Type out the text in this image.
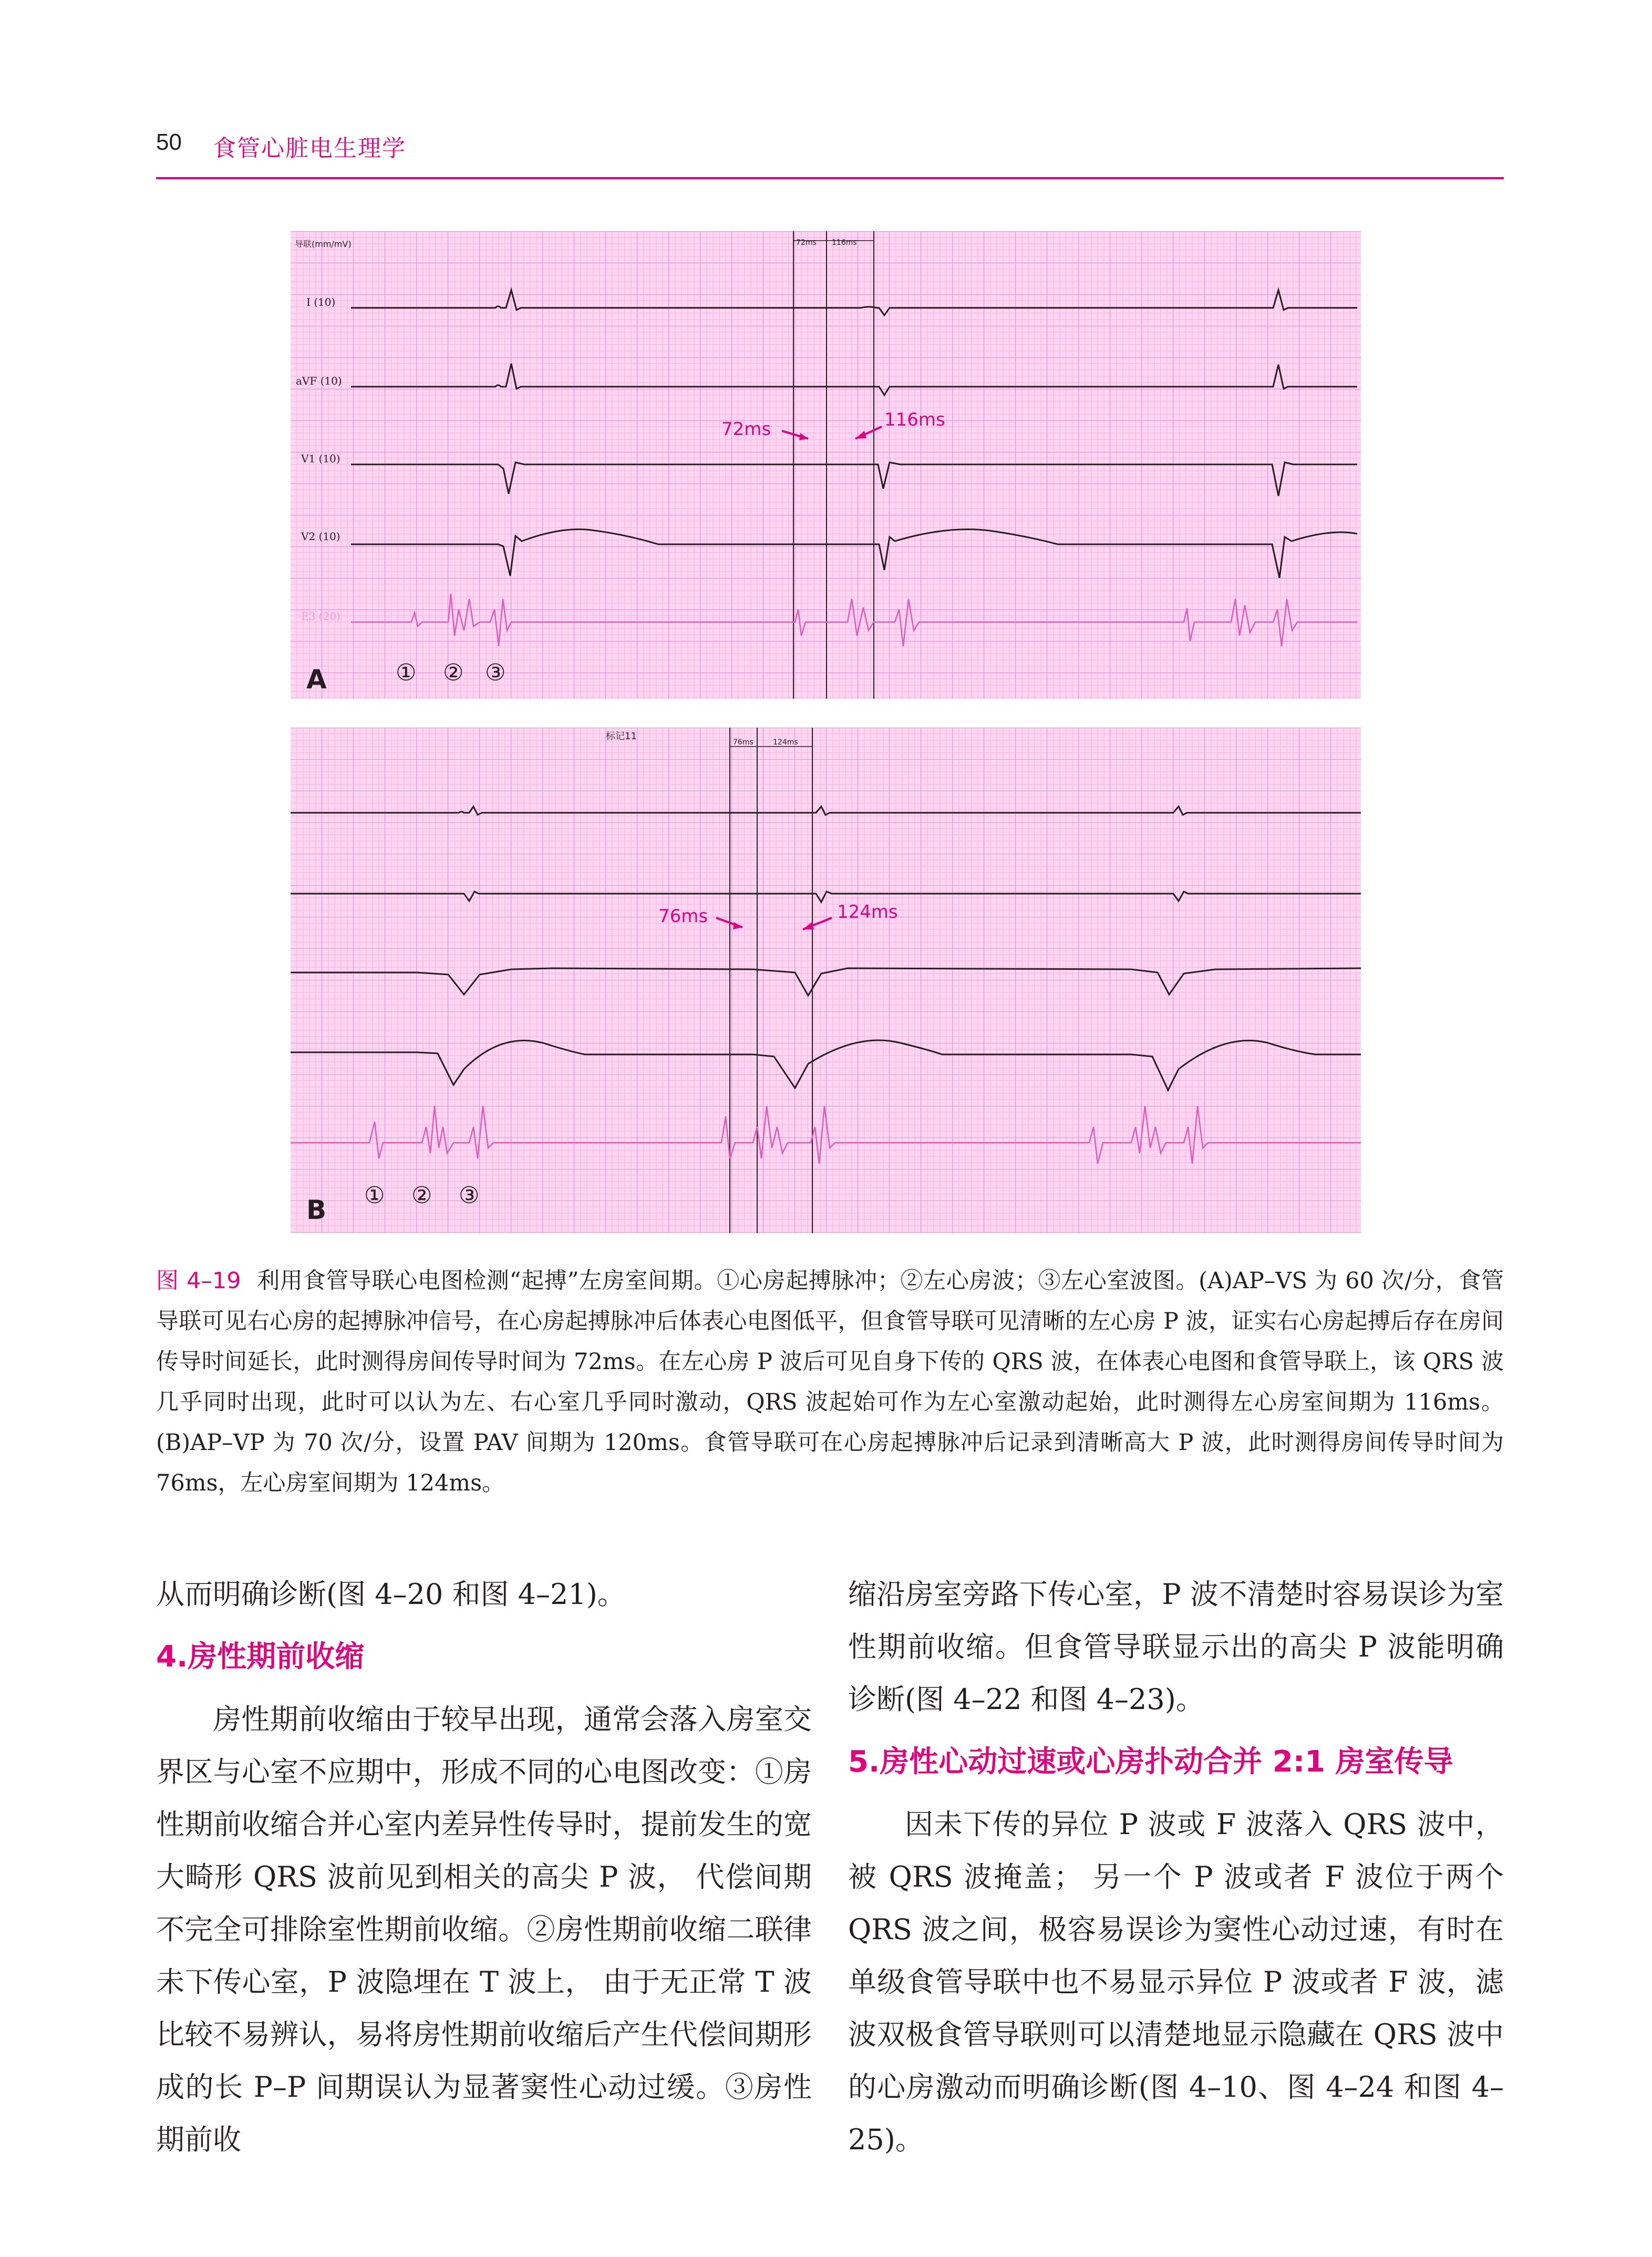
50 食管心脏电生理学
72ms 116ms
导联(mm/mV)
I (10)
aVF (10)
V1 (10)
V2 (10)
E3 (20)
72ms	116ms
A	① ② ③
标记11
76ms	124ms
76ms	124ms
B ① ② ③
图 4–19 利用食管导联心电图检测“起搏”左房室间期。①心房起搏脉冲；②左心房波；③左心室波图。(A)AP–VS 为 60 次/分，食管导联可见右心房的起搏脉冲信号，在心房起搏脉冲后体表心电图低平，但食管导联可见清晰的左心房 P 波，证实右心房起搏后存在房间传导时间延长，此时测得房间传导时间为 72ms。在左心房 P 波后可见自身下传的 QRS 波，在体表心电图和食管导联上，该 QRS 波几乎同时出现，此时可以认为左、右心室几乎同时激动，QRS 波起始可作为左心室激动起始，此时测得左心房室间期为 116ms。(B)AP–VP 为 70 次/分，设置 PAV 间期为 120ms。食管导联可在心房起搏脉冲后记录到清晰高大 P 波，此时测得房间传导时间为 76ms，左心房室间期为 124ms。

从而明确诊断(图 4–20 和图 4–21)。

4.房性期前收缩

房性期前收缩由于较早出现，通常会落入房室交界区与心室不应期中，形成不同的心电图改变：①房性期前收缩合并心室内差异性传导时，提前发生的宽大畸形 QRS 波前见到相关的高尖 P 波， 代偿间期不完全可排除室性期前收缩。②房性期前收缩二联律未下传心室，P 波隐埋在 T 波上， 由于无正常 T 波比较不易辨认，易将房性期前收缩后产生代偿间期形成的长 P–P 间期误认为显著窦性心动过缓。③房性期前收

缩沿房室旁路下传心室，P 波不清楚时容易误诊为室性期前收缩。但食管导联显示出的高尖 P 波能明确诊断(图 4–22 和图 4–23)。

5.房性心动过速或心房扑动合并 2:1 房室传导

因未下传的异位 P 波或 F 波落入 QRS 波中，被 QRS 波掩盖； 另一个 P 波或者 F 波位于两个 QRS 波之间，极容易误诊为窦性心动过速，有时在单级食管导联中也不易显示异位 P 波或者 F 波，滤波双极食管导联则可以清楚地显示隐藏在 QRS 波中的心房激动而明确诊断(图 4–10、图 4–24 和图 4–25)。
